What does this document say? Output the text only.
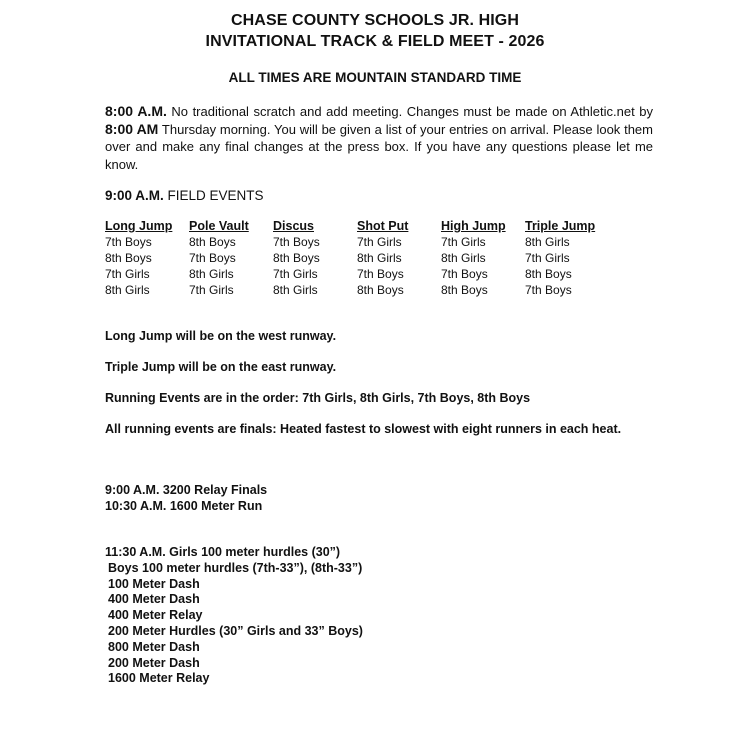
CHASE COUNTY SCHOOLS JR. HIGH
INVITATIONAL TRACK & FIELD MEET - 2026
ALL TIMES ARE MOUNTAIN STANDARD TIME
8:00 A.M. No traditional scratch and add meeting. Changes must be made on Athletic.net by 8:00 AM Thursday morning. You will be given a list of your entries on arrival. Please look them over and make any final changes at the press box. If you have any questions please let me know.
9:00 A.M. FIELD EVENTS
Long Jump	Pole Vault	Discus	Shot Put	High Jump	Triple Jump
7th Boys	8th Boys	7th Boys	7th Girls	7th Girls	8th Girls
8th Boys	7th Boys	8th Boys	8th Girls	8th Girls	7th Girls
7th Girls	8th Girls	7th Girls	7th Boys	7th Boys	8th Boys
8th Girls	7th Girls	8th Girls	8th Boys	8th Boys	7th Boys
Long Jump will be on the west runway.
Triple Jump will be on the east runway.
Running Events are in the order: 7th Girls, 8th Girls, 7th Boys, 8th Boys
All running events are finals: Heated fastest to slowest with eight runners in each heat.
9:00 A.M. 3200 Relay Finals
10:30 A.M. 1600 Meter Run
11:30 A.M. Girls 100 meter hurdles (30”)
Boys 100 meter hurdles (7th-33”), (8th-33”)
100 Meter Dash
400 Meter Dash
400 Meter Relay
200 Meter Hurdles (30” Girls and 33” Boys)
800 Meter Dash
200 Meter Dash
1600 Meter Relay
